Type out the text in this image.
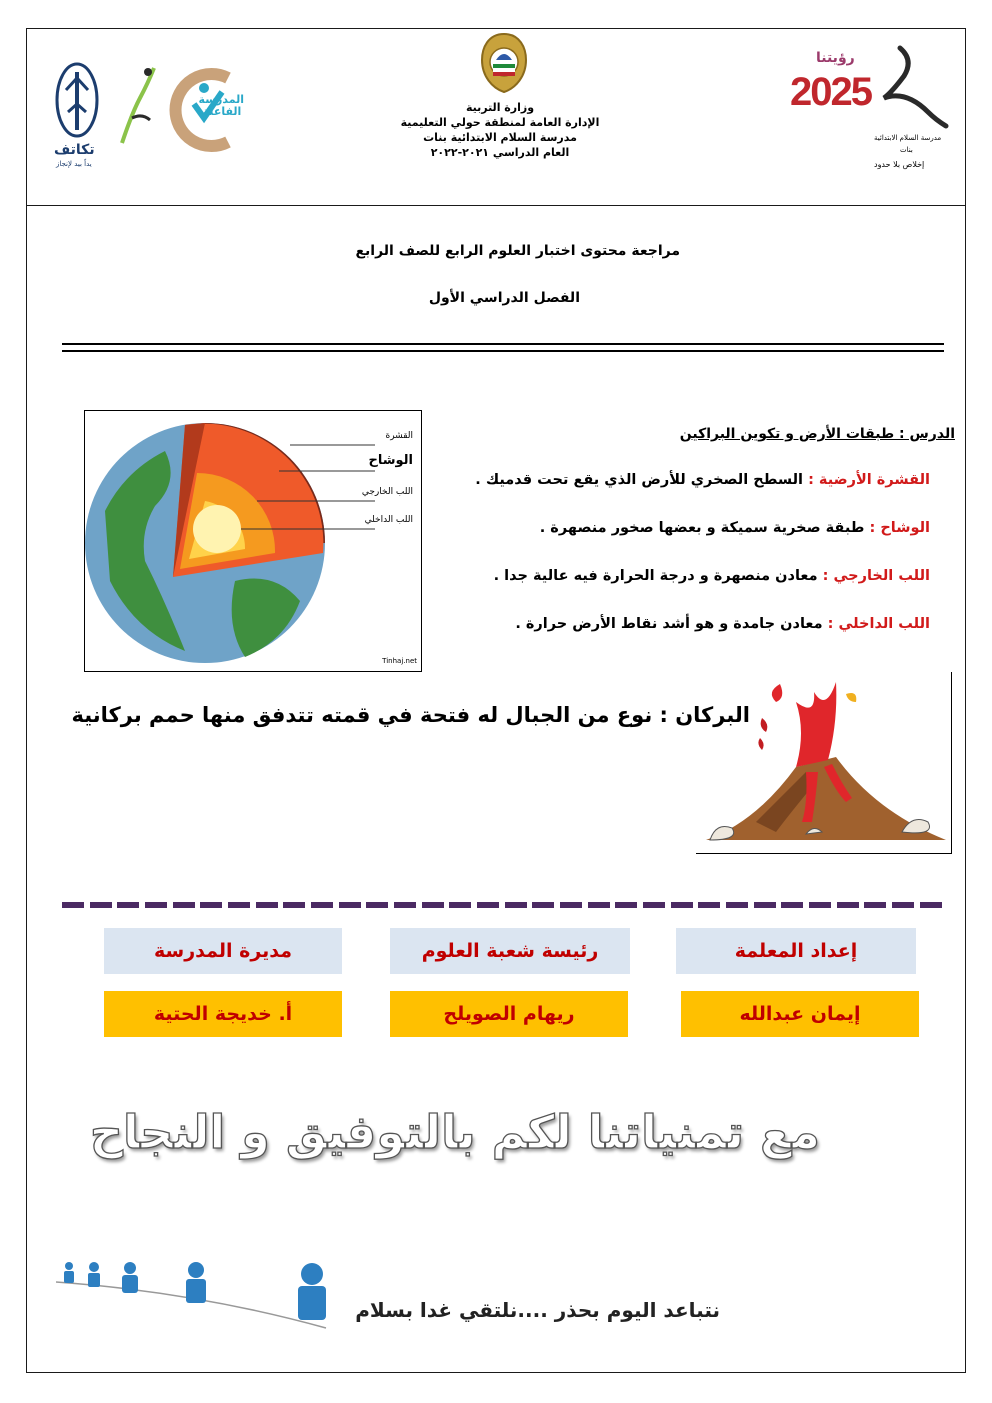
تكاتف
يداً بيد لإنجاز
المدرسة الفاعلة	وزارة التربية
الإدارة العامة لمنطقة حولي التعليمية
مدرسة السلام الابتدائية بنات
العام الدراسي ٢٠٢١-٢٠٢٢
رؤيتنا
2025
مدرسة السلام الابتدائية
بنات
إخلاص بلا حدود
مراجعة محتوى اختبار العلوم الرابع للصف الرابع
الفصل الدراسي الأول
القشرة
الوشاح
اللب الخارجي
اللب الداخلي
Tinhaj.net
الدرس : طبقات الأرض و تكوين البراكين
القشرة الأرضية : السطح الصخري للأرض الذي يقع تحت قدميك .
الوشاح : طبقة صخرية سميكة و بعضها صخور منصهرة .
اللب الخارجي : معادن منصهرة و درجة الحرارة فيه عالية جدا .
اللب الداخلي : معادن جامدة و هو أشد نقاط الأرض حرارة .
البركان : نوع من الجبال له فتحة في قمته تتدفق منها حمم بركانية
إعداد المعلمة
رئيسة شعبة العلوم
مديرة المدرسة
إيمان عبدالله
ريهام الصويلح
أ. خديجة الحتية
مع تمنياتنا لكم بالتوفيق و النجاح
نتباعد اليوم بحذر ....نلتقي غدا بسلام
